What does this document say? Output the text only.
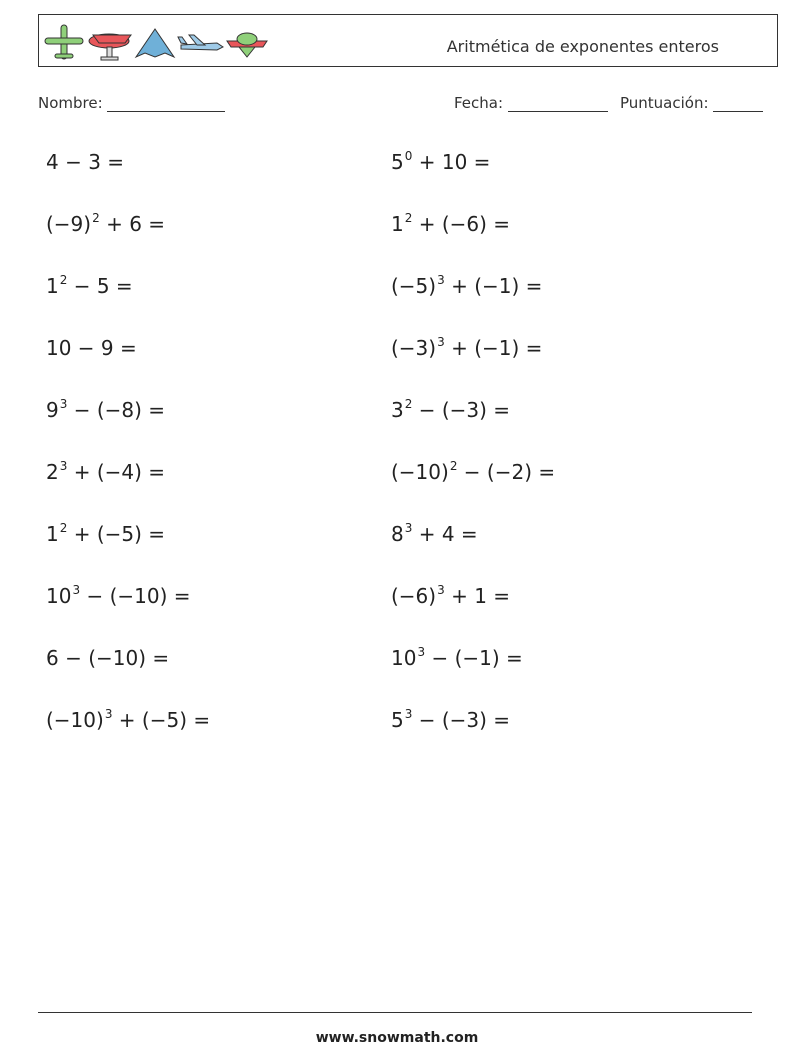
Aritmética de exponentes enteros
Nombre:	Fecha:	Puntuación:
4 − 3 =
$(-9)^2 + 6$ =
$1^2 - 5$ =
10 − 9 =
$9^3 - (-8)$ =
$2^3 + (-4)$ =
$1^2 + (-5)$ =
$10^3 - (-10)$ =
6 − (−10) =
$(-10)^3 + (-5)$ =
$5^0 + 10$ =
$1^2 + (-6)$ =
$(-5)^3 + (-1)$ =
$(-3)^3 + (-1)$ =
$3^2 - (-3)$ =
$(-10)^2 - (-2)$ =
$8^3 + 4$ =
$(-6)^3 + 1$ =
$10^3 - (-1)$ =
$5^3 - (-3)$ =
www.snowmath.com
